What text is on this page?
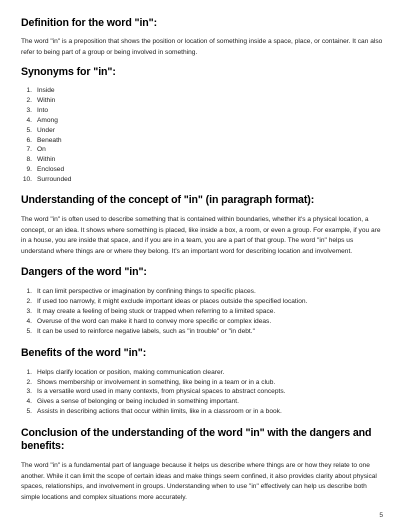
Definition for the word "in":

The word "in" is a preposition that shows the position or location of something inside a space, place, or container. It can also refer to being part of a group or being involved in something.

Synonyms for "in":
1. Inside
2. Within
3. Into
4. Among
5. Under
6. Beneath
7. On
8. Within
9. Enclosed
10. Surrounded
Understanding of the concept of "in" (in paragraph format):

The word "in" is often used to describe something that is contained within boundaries, whether it's a physical location, a concept, or an idea. It shows where something is placed, like inside a box, a room, or even a group. For example, if you are in a house, you are inside that space, and if you are in a team, you are a part of that group. The word "in" helps us understand where things are or where they belong. It's an important word for describing location and involvement.

Dangers of the word "in":
1. It can limit perspective or imagination by confining things to specific places.
2. If used too narrowly, it might exclude important ideas or places outside the specified location.
3. It may create a feeling of being stuck or trapped when referring to a limited space.
4. Overuse of the word can make it hard to convey more specific or complex ideas.
5. It can be used to reinforce negative labels, such as "in trouble" or "in debt."
Benefits of the word "in":
1. Helps clarify location or position, making communication clearer.
2. Shows membership or involvement in something, like being in a team or in a club.
3. Is a versatile word used in many contexts, from physical spaces to abstract concepts.
4. Gives a sense of belonging or being included in something important.
5. Assists in describing actions that occur within limits, like in a classroom or in a book.
Conclusion of the understanding of the word "in" with the dangers and benefits:

The word "in" is a fundamental part of language because it helps us describe where things are or how they relate to one another. While it can limit the scope of certain ideas and make things seem confined, it also provides clarity about physical spaces, relationships, and involvement in groups. Understanding when to use "in" effectively can help us describe both simple locations and complex situations more accurately.

5
